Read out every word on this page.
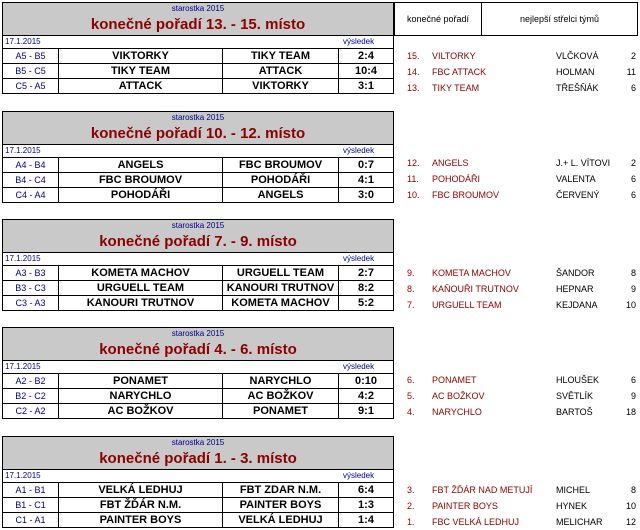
konečné pořadí	nejlepší střelci týmů
starostka 2015
konečné pořadí 13. - 15. místo
17.1.2015	výsledek
A5 - B5	VIKTORKY	TIKY TEAM	2:4
B5 - C5	TIKY TEAM	ATTACK	10:4
C5 - A5	ATTACK	VIKTORKY	3:1
15. VILTORKY	VLČKOVÁ	2
14. FBC ATTACK	HOLMAN	11
13. TIKY TEAM	TŘEŠŇÁK	6
starostka 2015
konečné pořadí 10. - 12. místo
17.1.2015	výsledek
A4 - B4	ANGELS	FBC BROUMOV	0:7
B4 - C4	FBC BROUMOV	POHODÁŘI	4:1
C4 - A4	POHODÁŘI	ANGELS	3:0
12. ANGELS	J.+ L. VÍTOVI 2
11. POHODÁŘI	VALENTA	6
10. FBC BROUMOV	ČERVENÝ	6
starostka 2015
konečné pořadí 7. - 9. místo
17.1.2015	výsledek
A3 - B3	KOMETA MACHOV	URGUELL TEAM	2:7
B3 - C3	URGUELL TEAM	KANOURI TRUTNOV	8:2
C3 - A3	KANOURI TRUTNOV	KOMETA MACHOV	5:2
9. KOMETA MACHOV	ŠANDOR	8
8. KAŇOUŘI TRUTNOV	HEPNAR	9
7. URGUELL TEAM	KEJDANA	10
starostka 2015
konečné pořadí 4. - 6. místo
17.1.2015	výsledek
A2 - B2	PONAMET	NARYCHLO	0:10
B2 - C2	NARYCHLO	AC BOŽKOV	4:2
C2 - A2	AC BOŽKOV	PONAMET	9:1
6. PONAMET	HLOUŠEK	6
5. AC BOŽKOV	SVĚTLÍK	9
4. NARYCHLO	BARTOŠ	18
starostka 2015
konečné pořadí 1. - 3. místo
17.1.2015	výsledek
A1 - B1	VELKÁ LEDHUJ	FBT ZDAR N.M.	6:4
B1 - C1	FBT ŽĎÁR N.M.	PAINTER BOYS	1:3
C1 - A1	PAINTER BOYS	VELKÁ LEDHUJ	1:4
3. FBT ŽĎÁR NAD METUJÍ	MICHEL	8
2. PAINTER BOYS	HYNEK	10
1. FBC VELKÁ LEDHUJ	MELICHAR	12
